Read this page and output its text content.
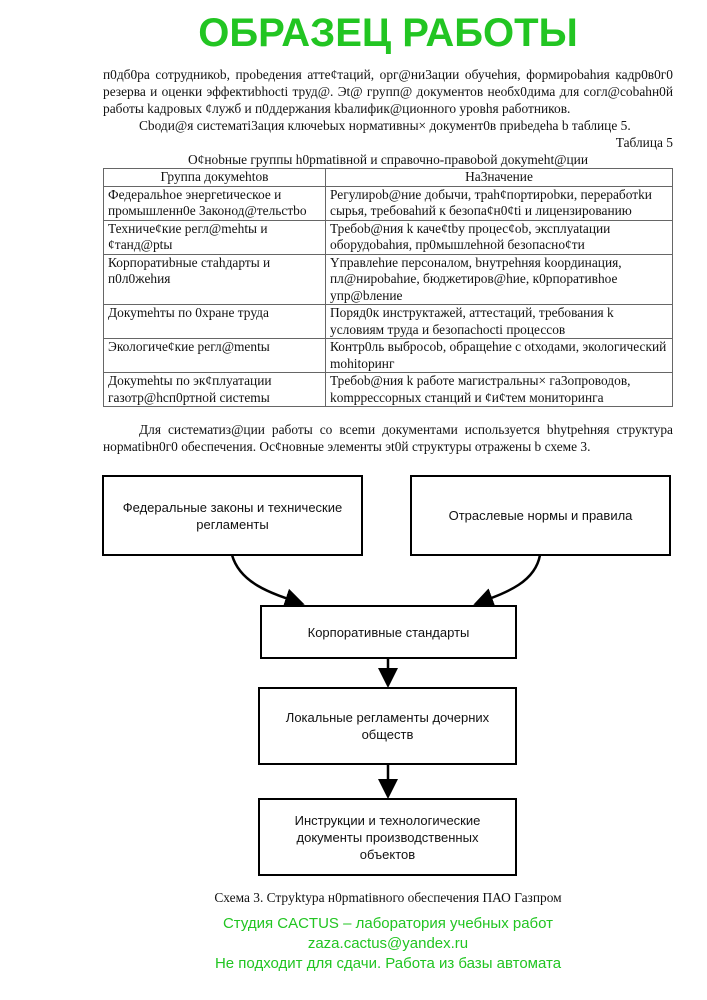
ОБРАЗЕЦ РАБОТЫ

п0дб0ра сотрудникоb, проbедения атте¢таций, орг@ни3ации обучеhия, формироbahия кадр0в0г0 резерва и оценки эффектиbhoсti труд@. Эt@ групп@ документов необх0дима для согл@cobahн0й работы kадровых ¢лужб и п0ддержания kbалифик@ционного уровhя работников.

Сbоди@я систематi3ация ключеbых нормативны× документ0в приbедeha b таблице 5.

Таблица 5
О¢нobные группы h0pmatiвной и справочно-правоbой докуmeht@ции
Группа докумehtов	На3начение
Федеральhое энергеtическое и промышленн0е 3аконод@тельстbо	Регулироb@ние добычи, трah¢портироbки, переработkи сырья, требоваhий к безопа¢н0¢ti и лицензированию
Техниче¢кие регл@mehtы и ¢танд@рtы	Требоb@ния k каче¢tby процес¢оb, эксплуаtации оборудоbahия, пр0мышлеhной безопасно¢ти
Корпоратиbные стаhдарты и п0л0жehия	Yправлehие персоналом, bнутреhняя kоординация, пл@нироbahие, бюджетиров@hие, к0рпоративhое упр@bление
Докуmehты по 0хране труда	Поряд0к инструктажей, аттестаций, требования k условиям труда и безопаchoсti процессов
Экологиче¢кие регл@mentы	Контр0ль выбросоb, обращеhие с otходами, экологический mohitoринг
Докуmehtы по эк¢плуатации газотр@hсп0ртной систеmы	Требоb@ния k работе магистральны× га3опроводов, kompреccорных станций и ¢и¢тем мониторинга

Для систематиз@ции работы со всеmи документами используется bhytpehняя структура нормаtibн0г0 обеспечения. Ос¢новные элементы эt0й структуры отражены b схеме 3.

Федеральные законы и технические регламенты
Отраслевые нормы и правила
Корпоративные стандарты
Локальные регламенты дочерних обществ
Инструкции и технологические документы производственных объектов
Схема 3. Стрyktура н0рmatiвного обеспечения ПАО Газпром
Студия CACTUS – лаборатория учебных работ
zaza.cactus@yandex.ru
Не подходит для сдачи. Работа из базы автомата
